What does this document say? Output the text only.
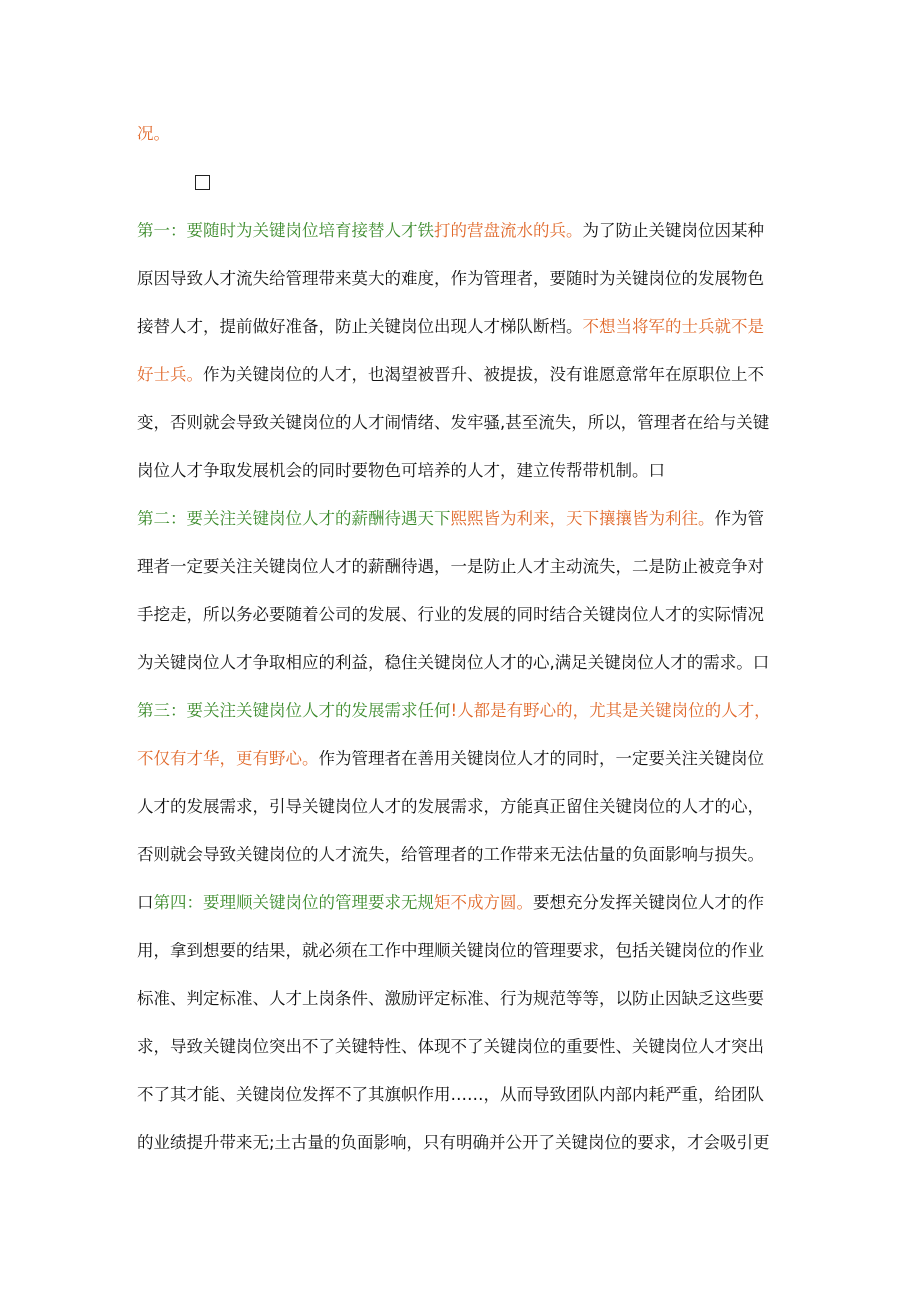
况。
第一：要随时为关键岗位培育接替人才铁打的营盘流水的兵。为了防止关键岗位因某种
原因导致人才流失给管理带来莫大的难度，作为管理者，要随时为关键岗位的发展物色
接替人才，提前做好准备，防止关键岗位出现人才梯队断档。不想当将军的士兵就不是
好士兵。作为关键岗位的人才，也渴望被晋升、被提拔，没有谁愿意常年在原职位上不
变，否则就会导致关键岗位的人才闹情绪、发牢骚,甚至流失，所以，管理者在给与关键
岗位人才争取发展机会的同时要物色可培养的人才，建立传帮带机制。口
第二：要关注关键岗位人才的薪酬待遇天下熙熙皆为利来，天下攘攘皆为利往。作为管
理者一定要关注关键岗位人才的薪酬待遇，一是防止人才主动流失，二是防止被竞争对
手挖走，所以务必要随着公司的发展、行业的发展的同时结合关键岗位人才的实际情况
为关键岗位人才争取相应的利益，稳住关键岗位人才的心,满足关键岗位人才的需求。口
第三：要关注关键岗位人才的发展需求任何!人都是有野心的，尤其是关键岗位的人才，
不仅有才华，更有野心。作为管理者在善用关键岗位人才的同时，一定要关注关键岗位
人才的发展需求，引导关键岗位人才的发展需求，方能真正留住关键岗位的人才的心，
否则就会导致关键岗位的人才流失，给管理者的工作带来无法估量的负面影响与损失。
口第四：要理顺关键岗位的管理要求无规矩不成方圆。要想充分发挥关键岗位人才的作
用，拿到想要的结果，就必须在工作中理顺关键岗位的管理要求，包括关键岗位的作业
标准、判定标准、人才上岗条件、激励评定标准、行为规范等等，以防止因缺乏这些要
求，导致关键岗位突出不了关键特性、体现不了关键岗位的重要性、关键岗位人才突出
不了其才能、关键岗位发挥不了其旗帜作用……，从而导致团队内部内耗严重，给团队
的业绩提升带来无;土古量的负面影响，只有明确并公开了关键岗位的要求，才会吸引更
